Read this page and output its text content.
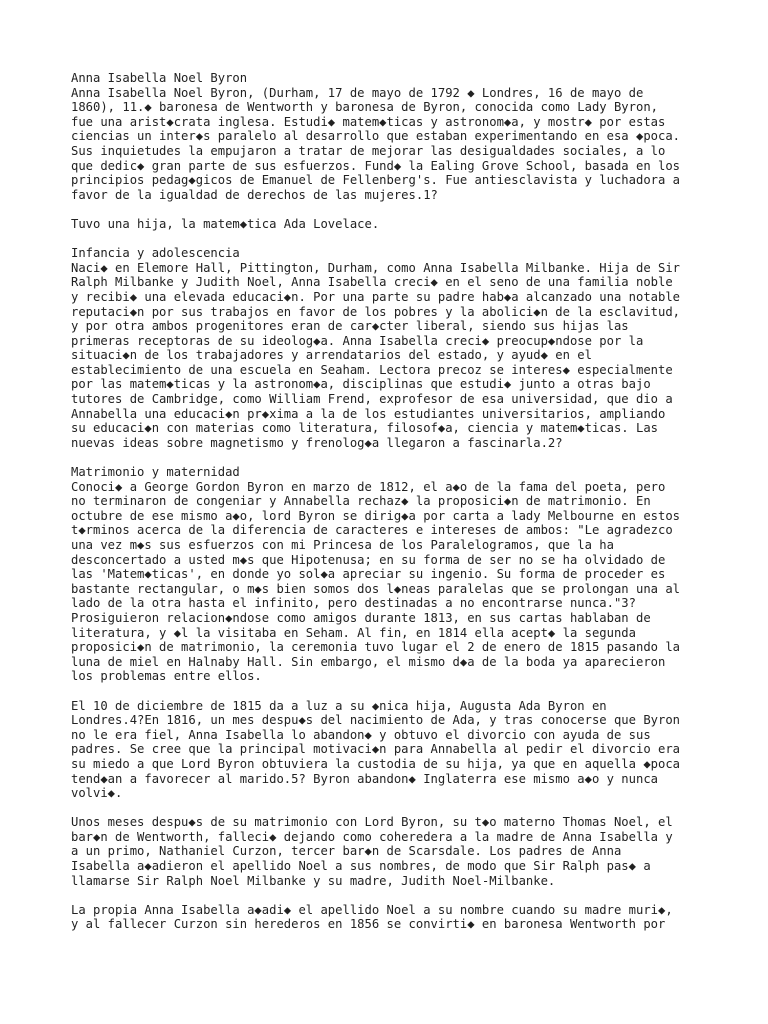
Anna Isabella Noel Byron
Anna Isabella Noel Byron, (Durham, 17 de mayo de 1792 ◆ Londres, 16 de mayo de
1860), 11.◆ baronesa de Wentworth y baronesa de Byron, conocida como Lady Byron,
fue una arist◆crata inglesa. Estudi◆ matem◆ticas y astronom◆a, y mostr◆ por estas
ciencias un inter◆s paralelo al desarrollo que estaban experimentando en esa ◆poca.
Sus inquietudes la empujaron a tratar de mejorar las desigualdades sociales, a lo
que dedic◆ gran parte de sus esfuerzos. Fund◆ la Ealing Grove School, basada en los
principios pedag◆gicos de Emanuel de Fellenberg's. Fue antiesclavista y luchadora a
favor de la igualdad de derechos de las mujeres.1?
Tuvo una hija, la matem◆tica Ada Lovelace.
Infancia y adolescencia
Naci◆ en Elemore Hall, Pittington, Durham, como Anna Isabella Milbanke. Hija de Sir
Ralph Milbanke y Judith Noel, Anna Isabella creci◆ en el seno de una familia noble
y recibi◆ una elevada educaci◆n. Por una parte su padre hab◆a alcanzado una notable
reputaci◆n por sus trabajos en favor de los pobres y la abolici◆n de la esclavitud,
y por otra ambos progenitores eran de car◆cter liberal, siendo sus hijas las
primeras receptoras de su ideolog◆a. Anna Isabella creci◆ preocup◆ndose por la
situaci◆n de los trabajadores y arrendatarios del estado, y ayud◆ en el
establecimiento de una escuela en Seaham. Lectora precoz se interes◆ especialmente
por las matem◆ticas y la astronom◆a, disciplinas que estudi◆ junto a otras bajo
tutores de Cambridge, como William Frend, exprofesor de esa universidad, que dio a
Annabella una educaci◆n pr◆xima a la de los estudiantes universitarios, ampliando
su educaci◆n con materias como literatura, filosof◆a, ciencia y matem◆ticas. Las
nuevas ideas sobre magnetismo y frenolog◆a llegaron a fascinarla.2?
Matrimonio y maternidad
Conoci◆ a George Gordon Byron en marzo de 1812, el a◆o de la fama del poeta, pero
no terminaron de congeniar y Annabella rechaz◆ la proposici◆n de matrimonio. En
octubre de ese mismo a◆o, lord Byron se dirig◆a por carta a lady Melbourne en estos
t◆rminos acerca de la diferencia de caracteres e intereses de ambos: "Le agradezco
una vez m◆s sus esfuerzos con mi Princesa de los Paralelogramos, que la ha
desconcertado a usted m◆s que Hipotenusa; en su forma de ser no se ha olvidado de
las 'Matem◆ticas', en donde yo sol◆a apreciar su ingenio. Su forma de proceder es
bastante rectangular, o m◆s bien somos dos l◆neas paralelas que se prolongan una al
lado de la otra hasta el infinito, pero destinadas a no encontrarse nunca."3?
Prosiguieron relacion◆ndose como amigos durante 1813, en sus cartas hablaban de
literatura, y ◆l la visitaba en Seham. Al fin, en 1814 ella acept◆ la segunda
proposici◆n de matrimonio, la ceremonia tuvo lugar el 2 de enero de 1815 pasando la
luna de miel en Halnaby Hall. Sin embargo, el mismo d◆a de la boda ya aparecieron
los problemas entre ellos.
El 10 de diciembre de 1815 da a luz a su ◆nica hija, Augusta Ada Byron en
Londres.4?En 1816, un mes despu◆s del nacimiento de Ada, y tras conocerse que Byron
no le era fiel, Anna Isabella lo abandon◆ y obtuvo el divorcio con ayuda de sus
padres. Se cree que la principal motivaci◆n para Annabella al pedir el divorcio era
su miedo a que Lord Byron obtuviera la custodia de su hija, ya que en aquella ◆poca
tend◆an a favorecer al marido.5? Byron abandon◆ Inglaterra ese mismo a◆o y nunca
volvi◆.
Unos meses despu◆s de su matrimonio con Lord Byron, su t◆o materno Thomas Noel, el
bar◆n de Wentworth, falleci◆ dejando como coheredera a la madre de Anna Isabella y
a un primo, Nathaniel Curzon, tercer bar◆n de Scarsdale. Los padres de Anna
Isabella a◆adieron el apellido Noel a sus nombres, de modo que Sir Ralph pas◆ a
llamarse Sir Ralph Noel Milbanke y su madre, Judith Noel-Milbanke.
La propia Anna Isabella a◆adi◆ el apellido Noel a su nombre cuando su madre muri◆,
y al fallecer Curzon sin herederos en 1856 se convirti◆ en baronesa Wentworth por
